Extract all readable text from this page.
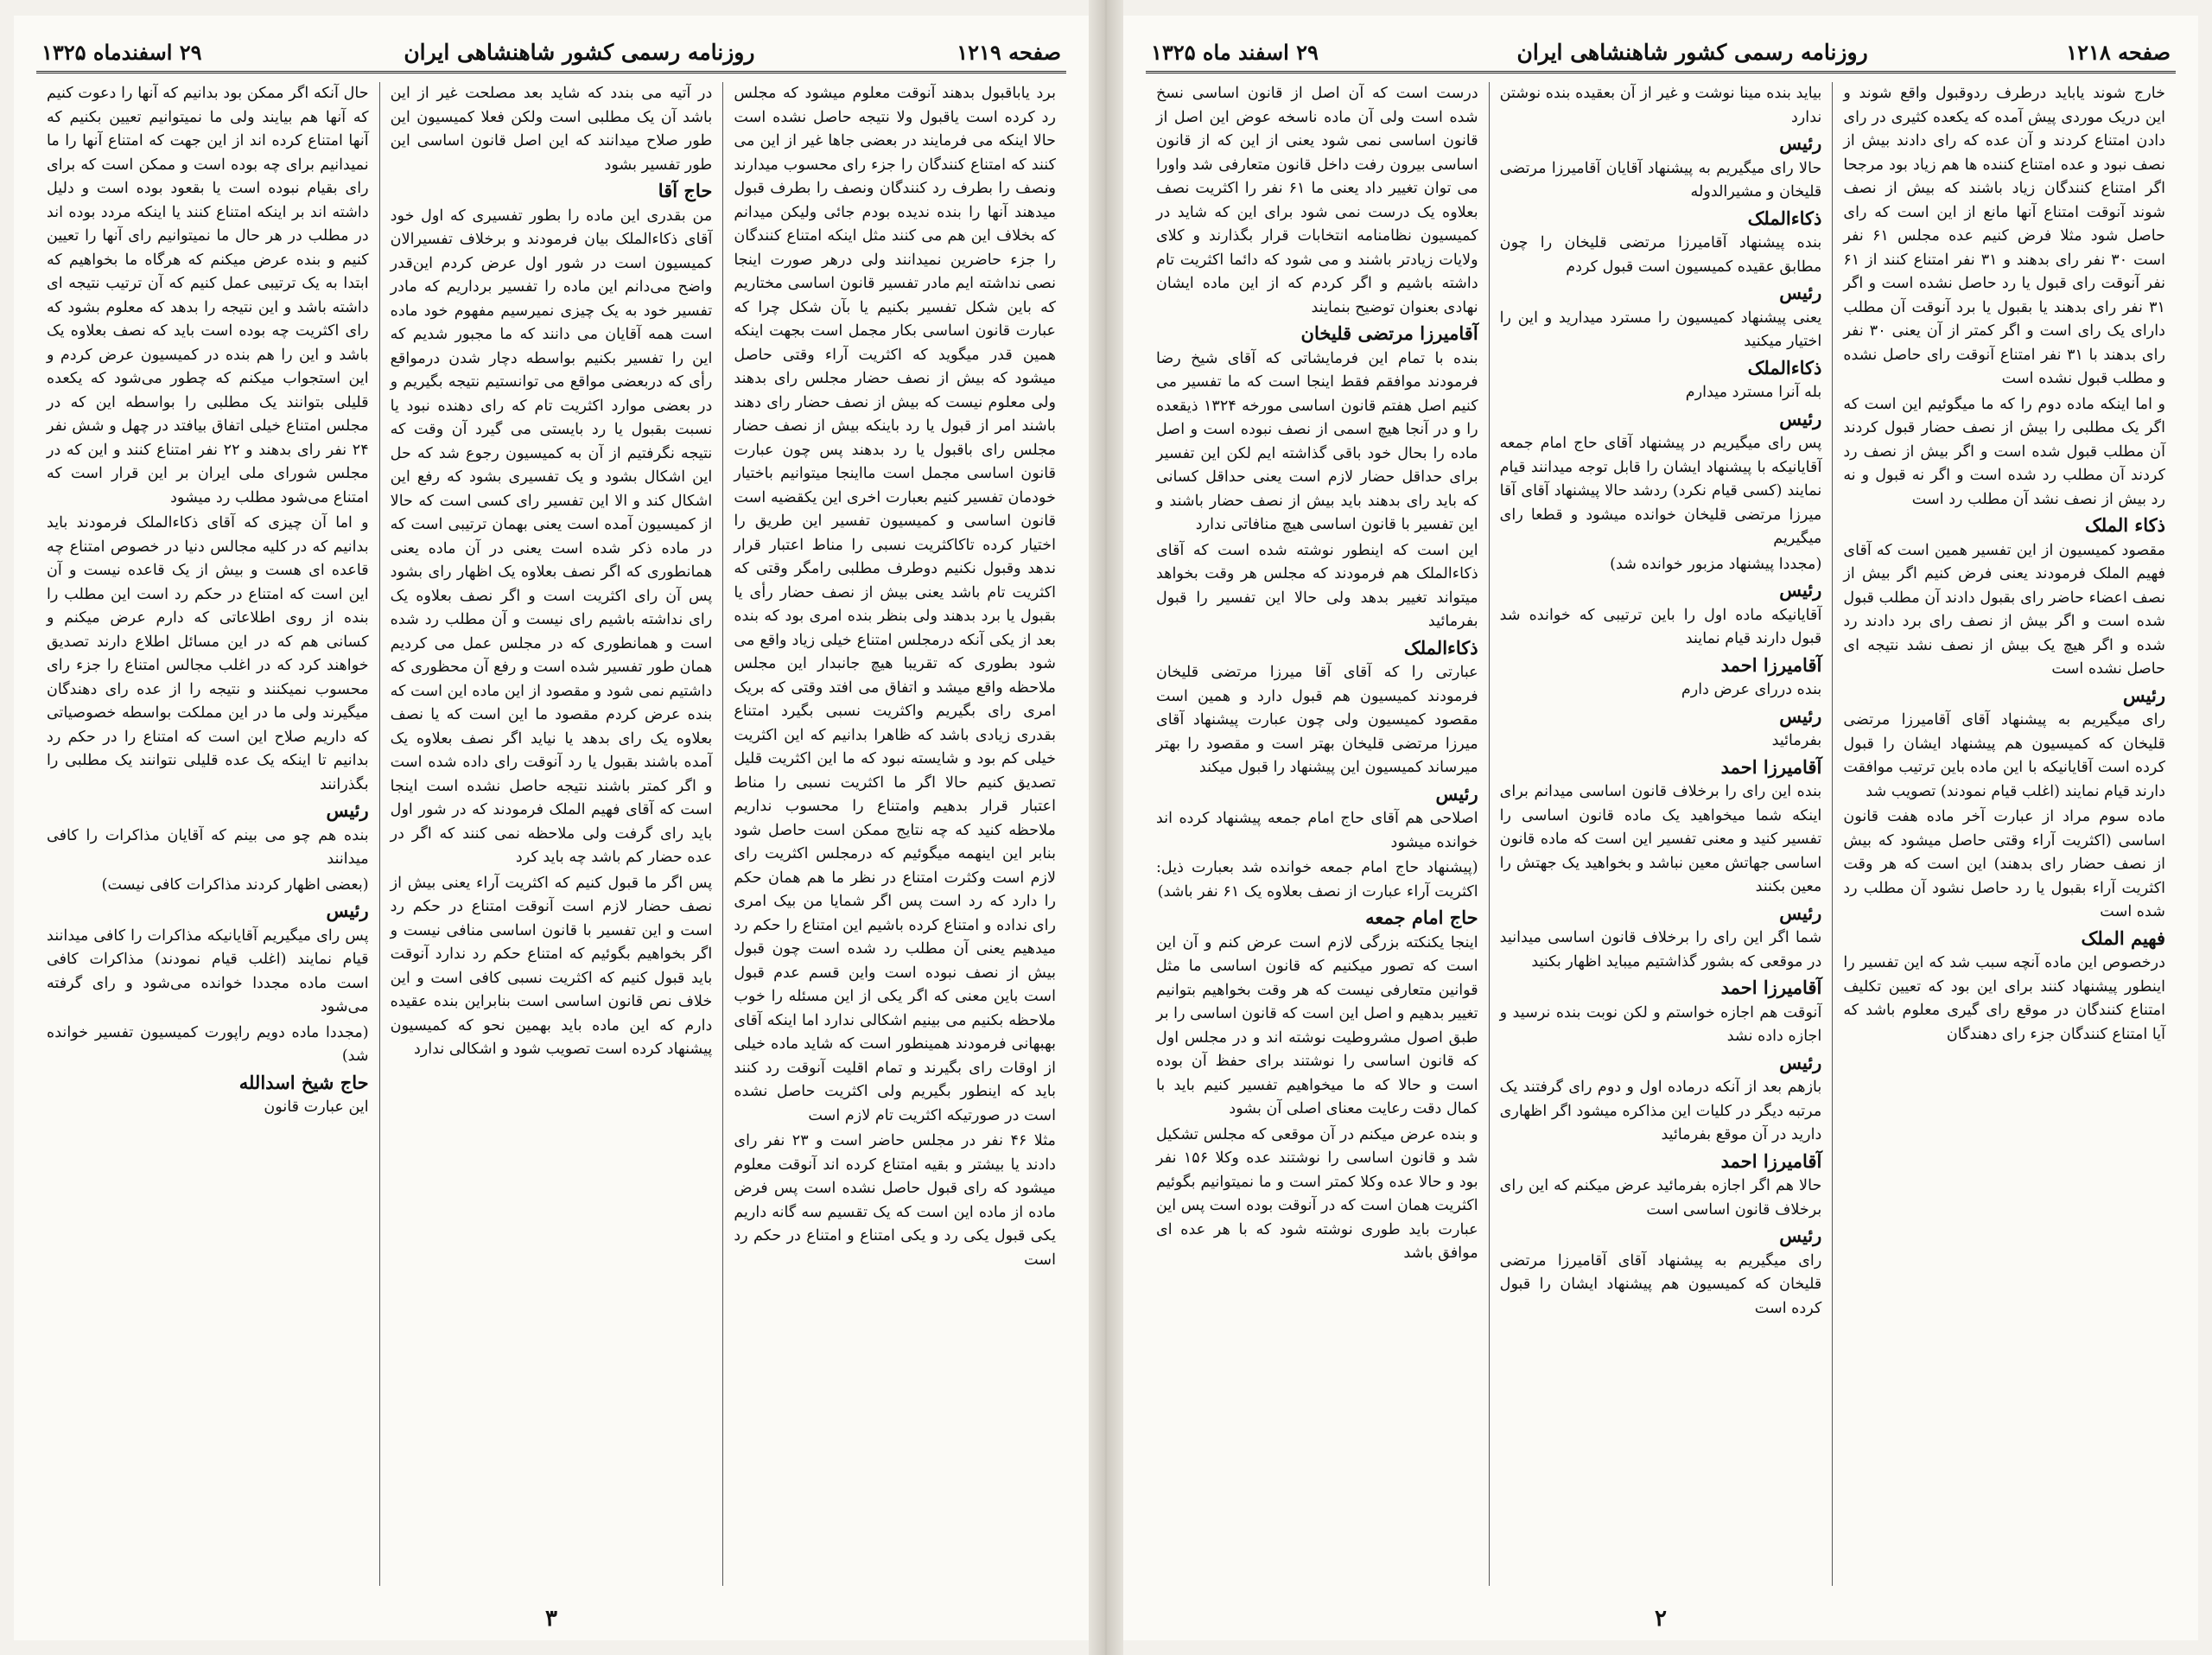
صفحه ۱۲۱۹
روزنامه رسمی کشور شاهنشاهی ایران
۲۹ اسفندماه ۱۳۲۵

برد یاباقبول بدهند آنوقت معلوم میشود که مجلس رد کرده است یاقبول ولا نتیجه حاصل نشده است حالا اینکه می فرمایند در بعضی جاها غیر از این می کنند که امتناع کنندگان را جزء رای محسوب میدارند ونصف را بطرف رد کنندگان ونصف را بطرف قبول میدهند آنها را بنده ندیده بودم جائی ولیکن میدانم که بخلاف این هم می کنند مثل اینکه امتناع کنندگان را جزء حاضرین نمیدانند ولی درهر صورت اینجا نصی نداشته ایم مادر تفسیر قانون اساسی مختاریم که باین شکل تفسیر بکنیم یا بآن شکل چرا که عبارت قانون اساسی بکار مجمل است بجهت اینکه همین قدر میگوید که اکثریت آراء وقتی حاصل میشود که بیش از نصف حضار مجلس رای بدهند ولی معلوم نیست که بیش از نصف حضار رای دهند باشند امر از قبول یا رد باینکه بیش از نصف حضار مجلس رای باقبول یا رد بدهند پس چون عبارت قانون اساسی مجمل است مااینجا میتوانیم باختیار خودمان تفسیر کنیم بعبارت اخری این یکقضیه است قانون اساسی و کمیسیون تفسیر این طریق را اختیار کرده تاکاکثریت نسبی را مناط اعتبار قرار ندهد وقبول نکنیم دوطرف مطلبی رامگر وقتی که اکثریت تام باشد یعنی بیش از نصف حضار رأی یا بقبول یا برد بدهند ولی بنظر بنده امری بود که بنده بعد از یکی آنکه درمجلس امتناع خیلی زیاد واقع می شود بطوری که تقریبا هیچ جانبدار این مجلس ملاحظه واقع میشد و اتفاق می افتد وقتی که بریک امری رای بگیریم واکثریت نسبی بگیرد امتناع بقدری زیادی باشد که ظاهرا بدانیم که این اکثریت خیلی کم بود و شایسته نبود که ما این اکثریت قلیل تصدیق کنیم حالا اگر ما اکثریت نسبی را مناط اعتبار قرار بدهیم وامتناع را محسوب نداریم ملاحظه کنید که چه نتایج ممکن است حاصل شود بنابر این اینهمه میگوئیم که درمجلس اکثریت رای لازم است وکثرت امتناع در نظر ما هم همان حکم را دارد که رد است پس اگر شمایا من بیک امری رای نداده و امتناع کرده باشیم این امتناع را حکم رد میدهیم یعنی آن مطلب رد شده است چون قبول بیش از نصف نبوده است واین قسم عدم قبول است باین معنی که اگر یکی از این مسئله را خوب ملاحظه بکنیم می بینیم اشکالی ندارد اما اینکه آقای بهبهانی فرمودند همینطور است که شاید ماده خیلی از اوقات رای بگیرند و تمام اقلیت آنوقت رد کنند باید که اینطور بگیریم ولی اکثریت حاصل نشده است در صورتیکه اکثریت تام لازم است

مثلا ۴۶ نفر در مجلس حاضر است و ۲۳ نفر رای دادند یا بیشتر و بقیه امتناع کرده اند آنوقت معلوم میشود که رای قبول حاصل نشده است پس فرض ماده از ماده این است که یک تقسیم سه گانه داریم یکی قبول یکی رد و یکی امتناع و امتناع در حکم رد است

در آتیه می بندد که شاید بعد مصلحت غیر از این باشد آن یک مطلبی است ولکن فعلا کمیسیون این طور صلاح میدانند که این اصل قانون اساسی این طور تفسیر بشود

حاج آقا

من بقدری این ماده را بطور تفسیری که اول خود آقای ذکاءالملک بیان فرمودند و برخلاف تفسیرالان کمیسیون است در شور اول عرض کردم این‌قدر واضح می‌دانم این ماده را تفسیر برداریم که مادر تفسیر خود به یک چیزی نمیرسیم مفهوم خود ماده است همه آقایان می دانند که ما مجبور شدیم که این را تفسیر بکنیم بواسطه دچار شدن درمواقع رأی که دربعضی مواقع می توانستیم نتیجه بگیریم و در بعضی موارد اکثریت تام که رای دهنده نبود یا نسبت بقبول یا رد بایستی می گیرد آن وقت که نتیجه نگرفتیم از آن به کمیسیون رجوع شد که حل این اشکال بشود و یک تفسیری بشود که رفع این اشکال کند و الا این تفسیر رای کسی است که حالا از کمیسیون آمده است یعنی بهمان ترتیبی است که در ماده ذکر شده است یعنی در آن ماده یعنی همانطوری که اگر نصف بعلاوه یک اظهار رای بشود پس آن رای اکثریت است و اگر نصف بعلاوه یک رای نداشته باشیم رای نیست و آن مطلب رد شده است و همانطوری که در مجلس عمل می کردیم همان طور تفسیر شده است و رفع آن محظوری که داشتیم نمی شود و مقصود از این ماده این است که بنده عرض کردم مقصود ما این است که یا نصف بعلاوه یک رای بدهد یا نیاید اگر نصف بعلاوه یک آمده باشند بقبول یا رد آنوقت رای داده شده است و اگر کمتر باشند نتیجه حاصل نشده است اینجا است که آقای فهیم الملک فرمودند که در شور اول باید رای گرفت ولی ملاحظه نمی کنند که اگر در عده حضار کم باشد چه باید کرد

پس اگر ما قبول کنیم که اکثریت آراء یعنی بیش از نصف حضار لازم است آنوقت امتناع در حکم رد است و این تفسیر با قانون اساسی منافی نیست و اگر بخواهیم بگوئیم که امتناع حکم رد ندارد آنوقت باید قبول کنیم که اکثریت نسبی کافی است و این خلاف نص قانون اساسی است بنابراین بنده عقیده دارم که این ماده باید بهمین نحو که کمیسیون پیشنهاد کرده است تصویب شود و اشکالی ندارد

حال آنکه اگر ممکن بود بدانیم که آنها را دعوت کنیم که آنها هم بیایند ولی ما نمیتوانیم تعیین بکنیم که آنها امتناع کرده اند از این جهت که امتناع آنها را ما نمیدانیم برای چه بوده است و ممکن است که برای رای بقیام نبوده است یا بقعود بوده است و دلیل داشته اند بر اینکه امتناع کنند یا اینکه مردد بوده اند در مطلب در هر حال ما نمیتوانیم رای آنها را تعیین کنیم و بنده عرض میکنم که هرگاه ما بخواهیم که ابتدا به یک ترتیبی عمل کنیم که آن ترتیب نتیجه ای داشته باشد و این نتیجه را بدهد که معلوم بشود که رای اکثریت چه بوده است باید که نصف بعلاوه یک باشد و این را هم بنده در کمیسیون عرض کردم و این استجواب میکنم که چطور می‌شود که یکعده قلیلی بتوانند یک مطلبی را بواسطه این که در مجلس امتناع خیلی اتفاق بیافتد در چهل و شش نفر ۲۴ نفر رای بدهند و ۲۲ نفر امتناع کنند و این که در مجلس شورای ملی ایران بر این قرار است که امتناع می‌شود مطلب رد میشود

و اما آن چیزی که آقای ذکاءالملک فرمودند باید بدانیم که در کلیه مجالس دنیا در خصوص امتناع چه قاعده ای هست و بیش از یک قاعده نیست و آن این است که امتناع در حکم رد است این مطلب را بنده از روی اطلاعاتی که دارم عرض میکنم و کسانی هم که در این مسائل اطلاع دارند تصدیق خواهند کرد که در اغلب مجالس امتناع را جزء رای محسوب نمیکنند و نتیجه را از عده رای دهندگان میگیرند ولی ما در این مملکت بواسطه خصوصیاتی که داریم صلاح این است که امتناع را در حکم رد بدانیم تا اینکه یک عده قلیلی نتوانند یک مطلبی را بگذرانند

رئیس

بنده هم چو می بینم که آقایان مذاکرات را کافی میدانند

(بعضی اظهار کردند مذاکرات کافی نیست)

رئیس

پس رای میگیریم آقایانیکه مذاکرات را کافی میدانند قیام نمایند (اغلب قیام نمودند) مذاکرات کافی است ماده مجددا خوانده می‌شود و رای گرفته می‌شود

(مجددا ماده دویم راپورت کمیسیون تفسیر خوانده شد)

حاج شیخ اسدالله

این عبارت قانون

۳
صفحه ۱۲۱۸
روزنامه رسمی کشور شاهنشاهی ایران
۲۹ اسفند ماه ۱۳۲۵

خارج شوند یاباید درطرف ردوقبول واقع شوند و این دریک موردی پیش آمده که یکعده کثیری در رای دادن امتناع کردند و آن عده که رای دادند بیش از نصف نبود و عده امتناع کننده ها هم زیاد بود مرجحا اگر امتناع کنندگان زیاد باشند که بیش از نصف شوند آنوقت امتناع آنها مانع از این است که رای حاصل شود مثلا فرض کنیم عده مجلس ۶۱ نفر است ۳۰ نفر رای بدهند و ۳۱ نفر امتناع کنند از ۶۱ نفر آنوقت رای قبول یا رد حاصل نشده است و اگر ۳۱ نفر رای بدهند یا بقبول یا برد آنوقت آن مطلب دارای یک رای است و اگر کمتر از آن یعنی ۳۰ نفر رای بدهند با ۳۱ نفر امتناع آنوقت رای حاصل نشده و مطلب قبول نشده است

و اما اینکه ماده دوم را که ما میگوئیم این است که اگر یک مطلبی را بیش از نصف حضار قبول کردند آن مطلب قبول شده است و اگر بیش از نصف رد کردند آن مطلب رد شده است و اگر نه قبول و نه رد بیش از نصف نشد آن مطلب رد است

ذکاء الملک

مقصود کمیسیون از این تفسیر همین است که آقای فهیم الملک فرمودند یعنی فرض کنیم اگر بیش از نصف اعضاء حاضر رای بقبول دادند آن مطلب قبول شده است و اگر بیش از نصف رای برد دادند رد شده و اگر هیچ یک بیش از نصف نشد نتیجه ای حاصل نشده است

رئیس

رای میگیریم به پیشنهاد آقای آقامیرزا مرتضی قلیخان که کمیسیون هم پیشنهاد ایشان را قبول کرده است آقایانیکه با این ماده باین ترتیب موافقت دارند قیام نمایند (اغلب قیام نمودند) تصویب شد

ماده سوم مراد از عبارت آخر ماده هفت قانون اساسی (اکثریت آراء وقتی حاصل میشود که بیش از نصف حضار رای بدهند) این است که هر وقت اکثریت آراء بقبول یا رد حاصل نشود آن مطلب رد شده است

فهیم الملک

درخصوص این ماده آنچه سبب شد که این تفسیر را اینطور پیشنهاد کنند برای این بود که تعیین تکلیف امتناع کنندگان در موقع رای گیری معلوم باشد که آیا امتناع کنندگان جزء رای دهندگان

بیاید بنده مینا نوشت و غیر از آن بعقیده بنده نوشتن ندارد

رئیس

حالا رای میگیریم به پیشنهاد آقایان آقامیرزا مرتضی قلیخان و مشیرالدوله

ذکاءالملک

بنده پیشنهاد آقامیرزا مرتضی قلیخان را چون مطابق عقیده کمیسیون است قبول کردم

رئیس

یعنی پیشنهاد کمیسیون را مسترد میدارید و این را اختیار میکنید

ذکاءالملک

بله آنرا مسترد میدارم

رئیس

پس رای میگیریم در پیشنهاد آقای حاج امام جمعه آقایانیکه با پیشنهاد ایشان را قابل توجه میدانند قیام نمایند (کسی قیام نکرد) ردشد حالا پیشنهاد آقای آقا میرزا مرتضی قلیخان خوانده میشود و قطعا رای میگیریم

(مجددا پیشنهاد مزبور خوانده شد)

رئیس

آقایانیکه ماده اول را باین ترتیبی که خوانده شد قبول دارند قیام نمایند

آقامیرزا احمد

بنده دررای عرض دارم

رئیس

بفرمائید

آقامیرزا احمد

بنده این رای را برخلاف قانون اساسی میدانم برای اینکه شما میخواهید یک ماده قانون اساسی را تفسیر کنید و معنی تفسیر این است که ماده قانون اساسی جهاتش معین نباشد و بخواهید یک جهتش را معین بکنند

رئیس

شما اگر این رای را برخلاف قانون اساسی میدانید در موقعی که بشور گذاشتیم میباید اظهار بکنید

آقامیرزا احمد

آنوقت هم اجازه خواستم و لکن نوبت بنده نرسید و اجازه داده نشد

رئیس

بازهم بعد از آنکه درماده اول و دوم رای گرفتند یک مرتبه دیگر در کلیات این مذاکره میشود اگر اظهاری دارید در آن موقع بفرمائید

آقامیرزا احمد

حالا هم اگر اجازه بفرمائید عرض میکنم که این رای برخلاف قانون اساسی است

رئیس

رای میگیریم به پیشنهاد آقای آقامیرزا مرتضی قلیخان که کمیسیون هم پیشنهاد ایشان را قبول کرده است

درست است که آن اصل از قانون اساسی نسخ شده است ولی آن ماده ناسخه عوض این اصل از قانون اساسی نمی شود یعنی از این که از قانون اساسی بیرون رفت داخل قانون متعارفی شد واورا می توان تغییر داد یعنی ما ۶۱ نفر را اکثریت نصف بعلاوه یک درست نمی شود برای این که شاید در کمیسیون نظامنامه انتخابات قرار بگذارند و کلای ولایات زیادتر باشند و می شود که دائما اکثریت تام داشته باشیم و اگر کردم که از این ماده ایشان نهادی بعنوان توضیح بنمایند

آقامیرزا مرتضی قلیخان

بنده با تمام این فرمایشاتی که آقای شیخ رضا فرمودند موافقم فقط اینجا است که ما تفسیر می کنیم اصل هفتم قانون اساسی مورخه ۱۳۲۴ ذیقعده را و در آنجا هیچ اسمی از نصف نبوده است و اصل ماده را بحال خود باقی گذاشته ایم لکن این تفسیر برای حداقل حضار لازم است یعنی حداقل کسانی که باید رای بدهند باید بیش از نصف حضار باشند و این تفسیر با قانون اساسی هیچ منافاتی ندارد

این است که اینطور نوشته شده است که آقای ذکاءالملک هم فرمودند که مجلس هر وقت بخواهد میتواند تغییر بدهد ولی حالا این تفسیر را قبول بفرمائید

ذکاءالملک

عبارتی را که آقای آقا میرزا مرتضی قلیخان فرمودند کمیسیون هم قبول دارد و همین است مقصود کمیسیون ولی چون عبارت پیشنهاد آقای میرزا مرتضی قلیخان بهتر است و مقصود را بهتر میرساند کمیسیون این پیشنهاد را قبول میکند

رئیس

اصلاحی هم آقای حاج امام جمعه پیشنهاد کرده اند خوانده میشود

(پیشنهاد حاج امام جمعه خوانده شد بعبارت ذیل: اکثریت آراء عبارت از نصف بعلاوه یک ۶۱ نفر باشد)

حاج امام جمعه

اینجا یکنکته بزرگی لازم است عرض کنم و آن این است که تصور میکنیم که قانون اساسی ما مثل قوانین متعارفی نیست که هر وقت بخواهیم بتوانیم تغییر بدهیم و اصل این است که قانون اساسی را بر طبق اصول مشروطیت نوشته اند و در مجلس اول که قانون اساسی را نوشتند برای حفظ آن بوده است و حالا که ما میخواهیم تفسیر کنیم باید با کمال دقت رعایت معنای اصلی آن بشود

و بنده عرض میکنم در آن موقعی که مجلس تشکیل شد و قانون اساسی را نوشتند عده وکلا ۱۵۶ نفر بود و حالا عده وکلا کمتر است و ما نمیتوانیم بگوئیم اکثریت همان است که در آنوقت بوده است پس این عبارت باید طوری نوشته شود که با هر عده ای موافق باشد

۲
